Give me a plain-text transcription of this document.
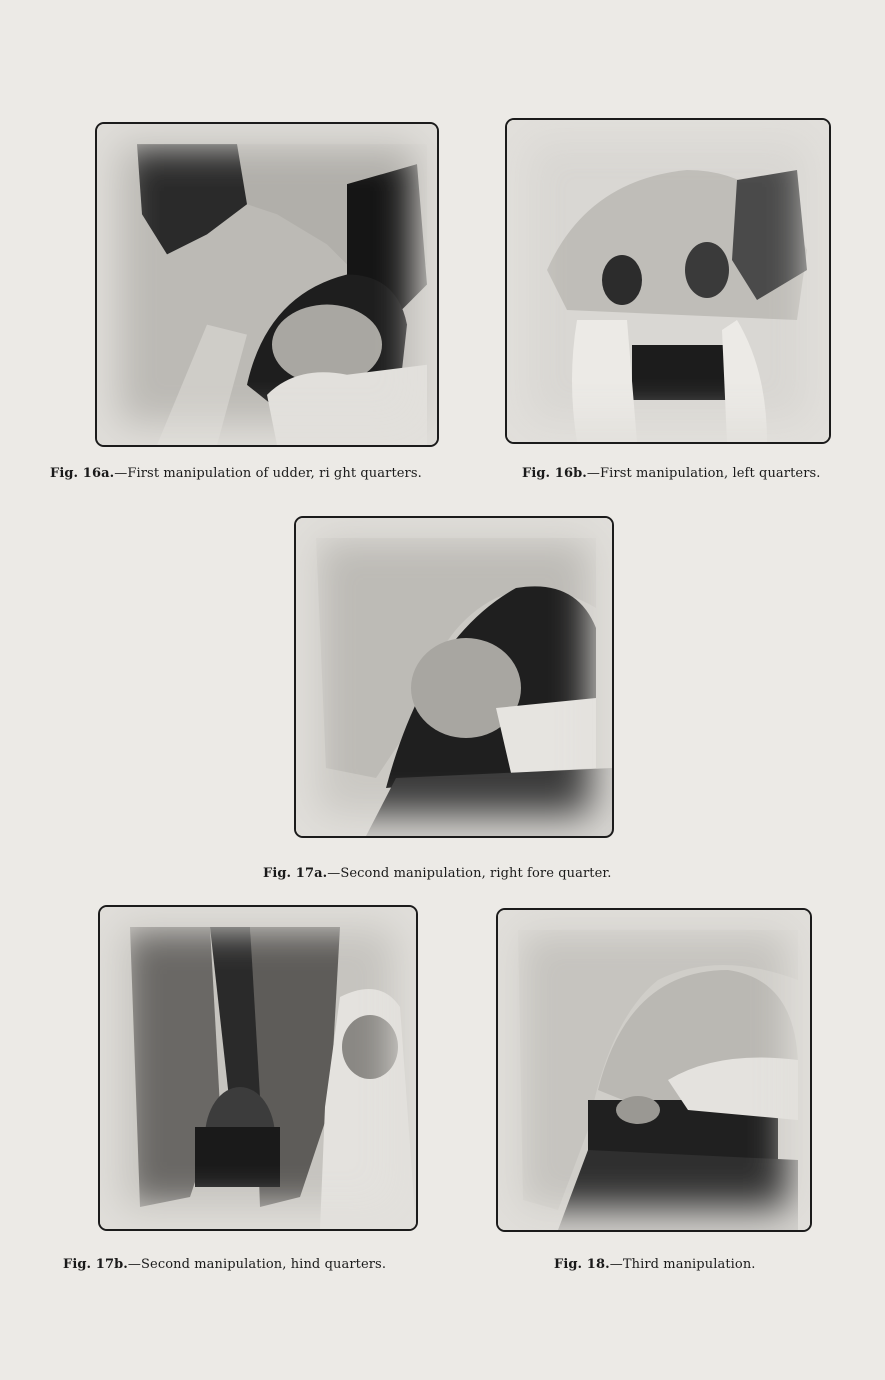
Fig. 16a.—First manipulation of udder, ri ght quarters.	Fig. 16b.—First manipulation, left quarters.
Fig. 17a.—Second manipulation, right fore quarter.
Fig. 17b.—Second manipulation, hind quarters.	Fig. 18.—Third manipulation.
